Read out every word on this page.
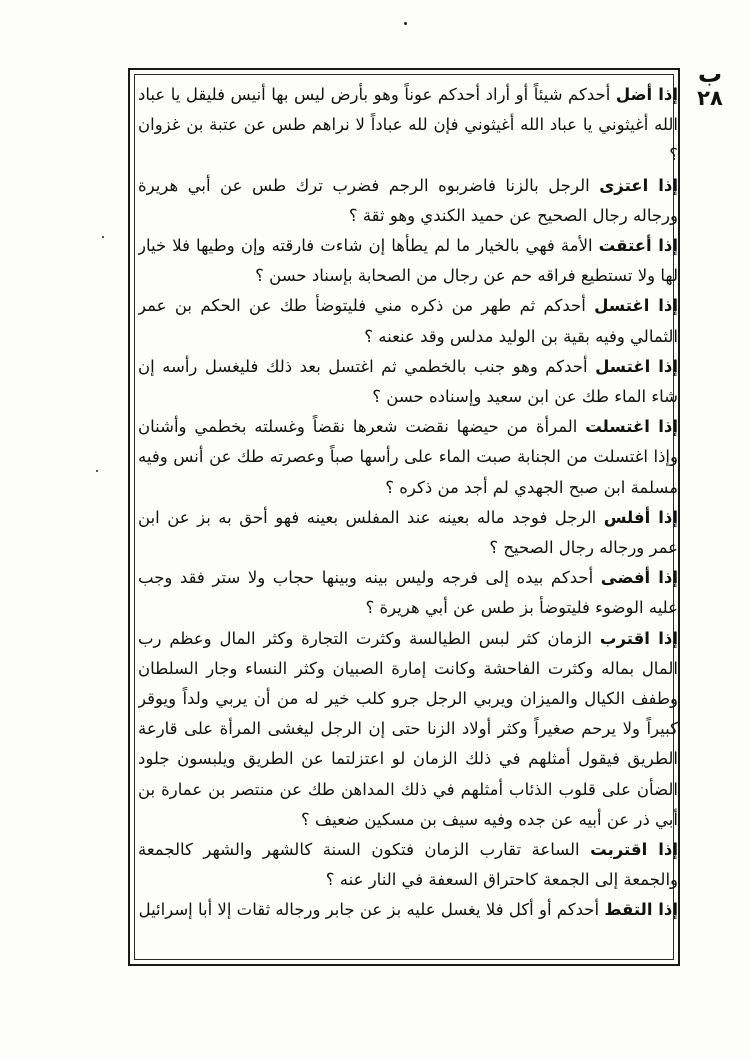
ب
٢٨

إذا أضل أحدكم شيئاً أو أراد أحدكم عوناً وهو بأرض ليس بها أنيس فليقل يا عباد الله أغيثوني يا عباد الله أغيثوني فإن لله عباداً لا نراهم طس عن عتبة بن غزوان ؟

إذا اعتزى الرجل بالزنا فاضربوه الرجم فضرب ترك طس عن أبي هريرة ورجاله رجال الصحيح عن حميد الكندي وهو ثقة ؟

إذا أعتقت الأمة فهي بالخيار ما لم يطأها إن شاءت فارقته وإن وطيها فلا خيار لها ولا تستطيع فراقه حم عن رجال من الصحابة بإسناد حسن ؟

إذا اغتسل أحدكم ثم طهر من ذكره مني فليتوضأ طك عن الحكم بن عمر الثمالي وفيه بقية بن الوليد مدلس وقد عنعنه ؟

إذا اغتسل أحدكم وهو جنب بالخطمي ثم اغتسل بعد ذلك فليغسل رأسه إن شاء الماء طك عن ابن سعيد وإسناده حسن ؟

إذا اغتسلت المرأة من حيضها نقضت شعرها نقضاً وغسلته بخطمي وأشنان وإذا اغتسلت من الجنابة صبت الماء على رأسها صباً وعصرته طك عن أنس وفيه مسلمة ابن صبح الجهدي لم أجد من ذكره ؟

إذا أفلس الرجل فوجد ماله بعينه عند المفلس بعينه فهو أحق به بز عن ابن عمر ورجاله رجال الصحيح ؟

إذا أفضى أحدكم بيده إلى فرجه وليس بينه وبينها حجاب ولا ستر فقد وجب عليه الوضوء فليتوضأ بز طس عن أبي هريرة ؟

إذا اقترب الزمان كثر لبس الطيالسة وكثرت التجارة وكثر المال وعظم رب المال بماله وكثرت الفاحشة وكانت إمارة الصبيان وكثر النساء وجار السلطان وطفف الكيال والميزان ويربي الرجل جرو كلب خير له من أن يربي ولداً ويوقر كبيراً ولا يرحم صغيراً وكثر أولاد الزنا حتى إن الرجل ليغشى المرأة على قارعة الطريق فيقول أمثلهم في ذلك الزمان لو اعتزلتما عن الطريق ويلبسون جلود الضأن على قلوب الذئاب أمثلهم في ذلك المداهن طك عن منتصر بن عمارة بن أبي ذر عن أبيه عن جده وفيه سيف بن مسكين ضعيف ؟

إذا اقتربت الساعة تقارب الزمان فتكون السنة كالشهر والشهر كالجمعة والجمعة إلى الجمعة كاحتراق السعفة في النار عنه ؟

إذا التقط أحدكم أو أكل فلا يغسل عليه بز عن جابر ورجاله ثقات إلا أبا إسرائيل
